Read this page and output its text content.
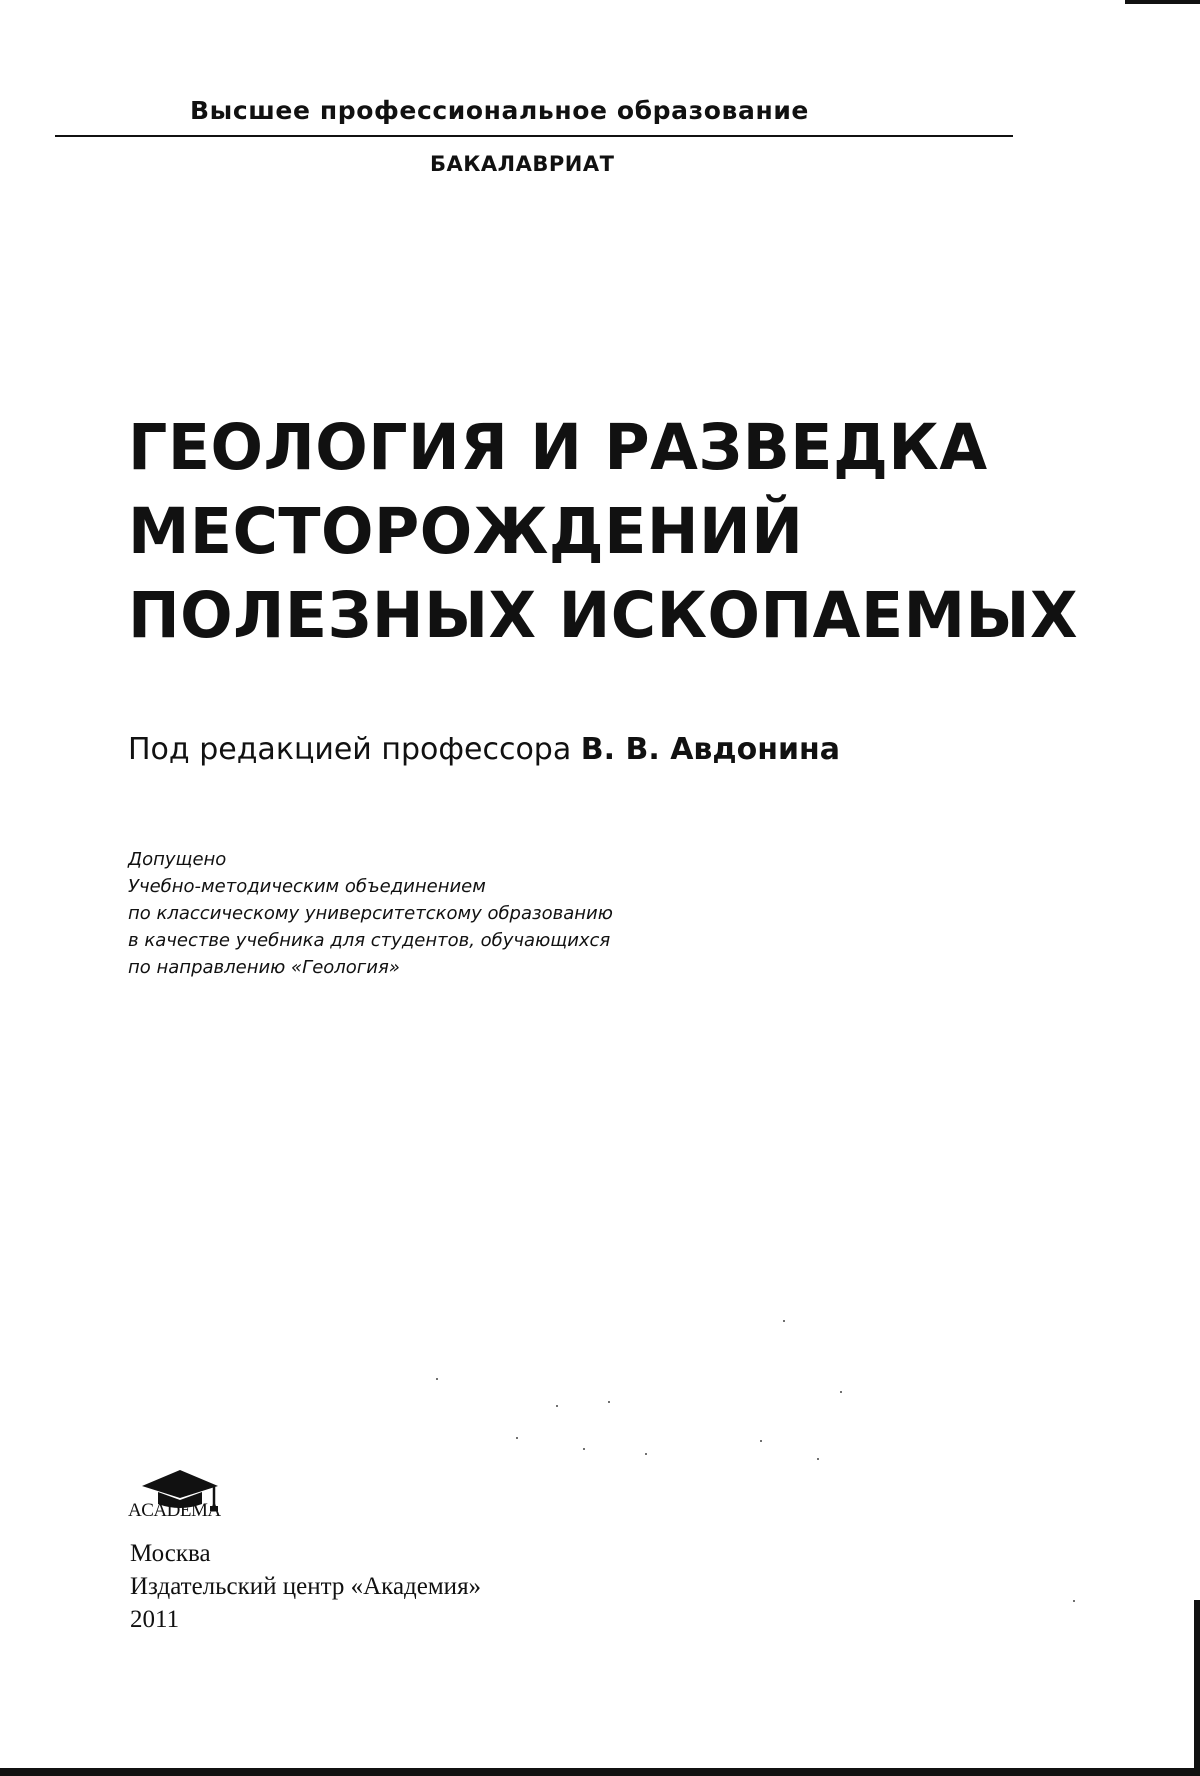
Высшее профессиональное образование
БАКАЛАВРИАТ
ГЕОЛОГИЯ И РАЗВЕДКА
МЕСТОРОЖДЕНИЙ
ПОЛЕЗНЫХ ИСКОПАЕМЫХ
Под редакцией профессора В. В. Авдонина
Допущено
Учебно-методическим объединением
по классическому университетскому образованию
в качестве учебника для студентов, обучающихся
по направлению «Геология»
ACADEMA
Москва
Издательский центр «Академия»
2011
